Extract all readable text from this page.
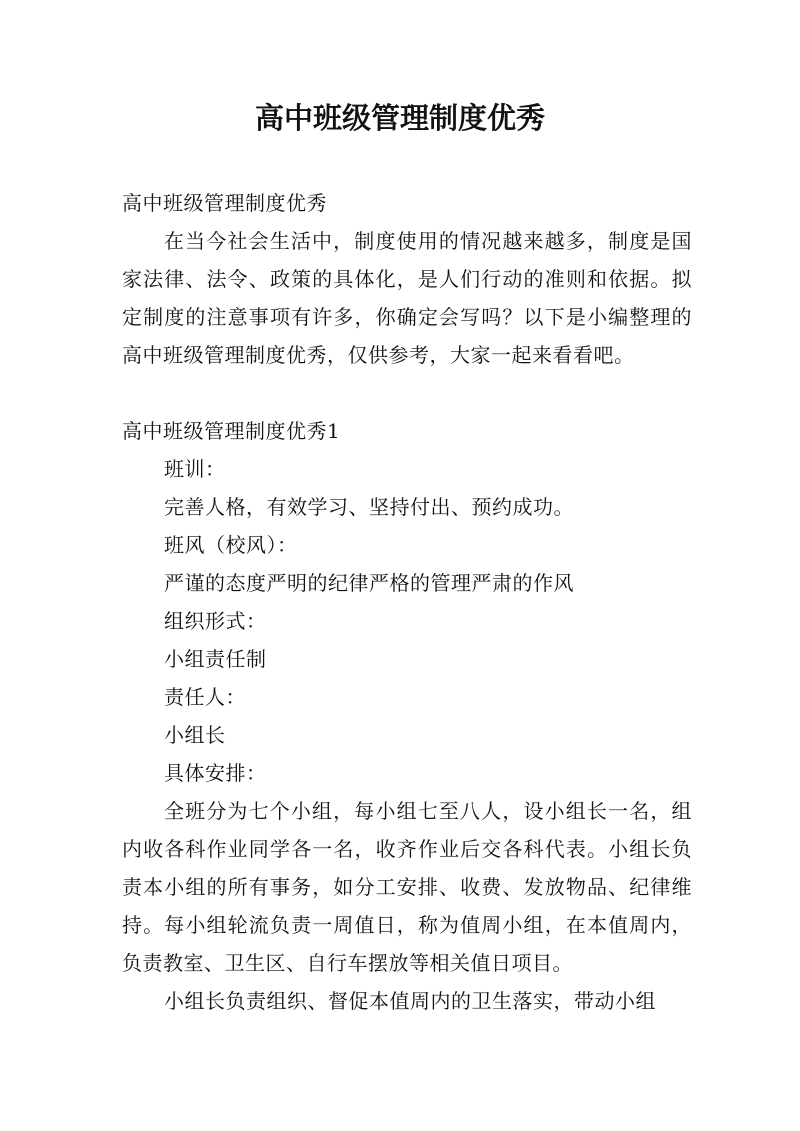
高中班级管理制度优秀

高中班级管理制度优秀

在当今社会生活中，制度使用的情况越来越多，制度是国家法律、法令、政策的具体化，是人们行动的准则和依据。拟定制度的注意事项有许多，你确定会写吗？以下是小编整理的高中班级管理制度优秀，仅供参考，大家一起来看看吧。

高中班级管理制度优秀1

班训：

完善人格，有效学习、坚持付出、预约成功。

班风（校风）：

严谨的态度严明的纪律严格的管理严肃的作风

组织形式：

小组责任制

责任人：

小组长

具体安排：

全班分为七个小组，每小组七至八人，设小组长一名，组内收各科作业同学各一名，收齐作业后交各科代表。小组长负责本小组的所有事务，如分工安排、收费、发放物品、纪律维持。每小组轮流负责一周值日，称为值周小组，在本值周内，负责教室、卫生区、自行车摆放等相关值日项目。

小组长负责组织、督促本值周内的卫生落实，带动小组
